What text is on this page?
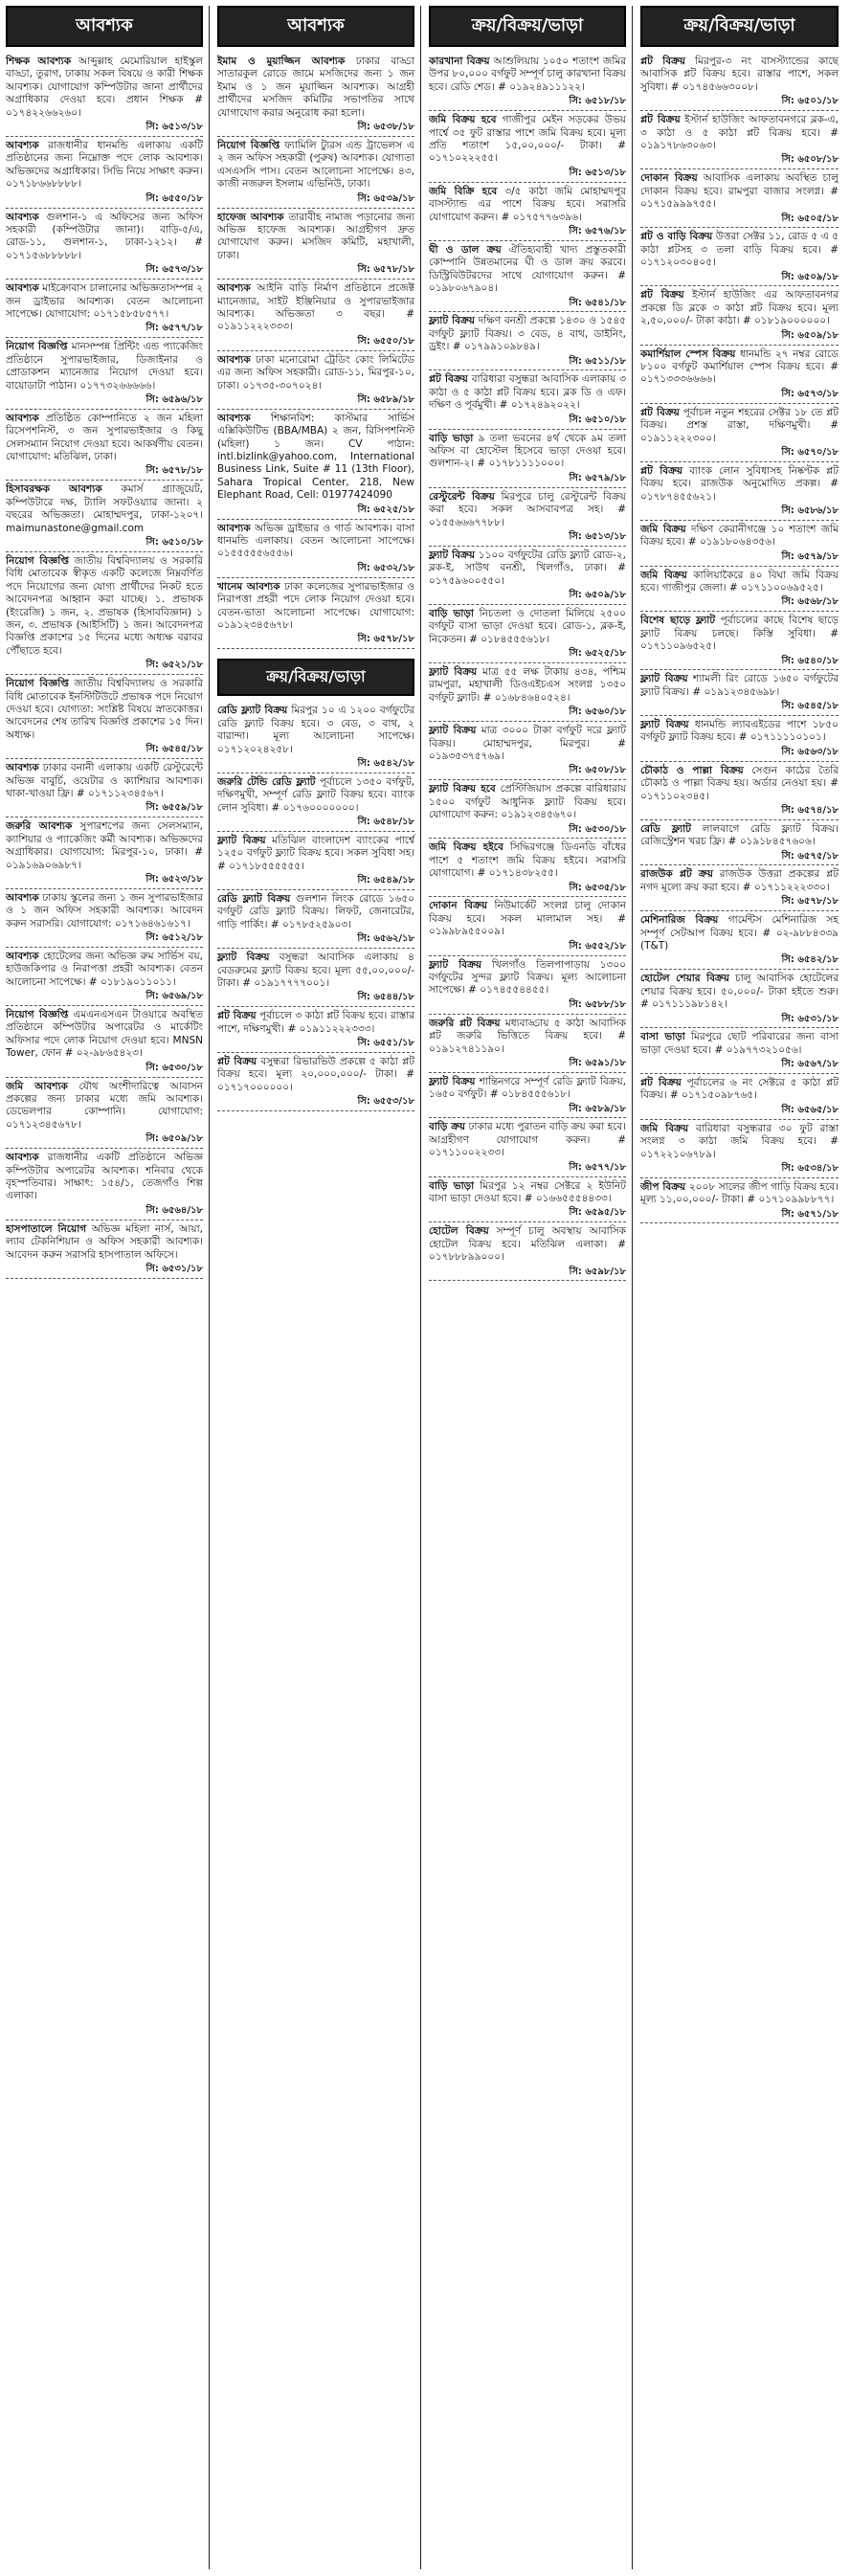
আবশ্যক
শিক্ষক আবশ্যক আব্দুল্লাহ মেমোরিয়াল হাইস্কুল বাড্ডা, তুরাগ, ঢাকায় সকল বিষয়ে ও কারী শিক্ষক আবশ্যক। যোগাযোগ কম্পিউটার জানা প্রার্থীদের অগ্রাধিকার দেওয়া হবে। প্রধান শিক্ষক # ০১৭৪২২৬৬২৬০।
সি: ৬৫১৩/১৮
আবশ্যক রাজধানীর ধানমন্ডি এলাকায় একটি প্রতিষ্ঠানের জন্য নিম্নোক্ত পদে লোক আবশ্যক। অভিজ্ঞদের অগ্রাধিকার। সিভি নিয়ে সাক্ষাৎ করুন। ০১৭১৮৬৬৮৮৮৮।
সি: ৬৫৫০/১৮
আবশ্যক গুলশান-১ এ অফিসের জন্য অফিস সহকারী (কম্পিউটার জানা)। বাড়ি-৫/এ, রোড-১১, গুলশান-১, ঢাকা-১২১২। # ০১৭১৫৬৮৮৮৮৮।
সি: ৬৫৭৩/১৮
আবশ্যক মাইক্রোবাস চালানোর অভিজ্ঞতাসম্পন্ন ২ জন ড্রাইভার আবশ্যক। বেতন আলোচনা সাপেক্ষে। যোগাযোগ: ০১৭১৫৮৫৮৫৭৭।
সি: ৬৫৭৭/১৮
নিয়োগ বিজ্ঞপ্তি মানসম্পন্ন প্রিন্টিং এন্ড প্যাকেজিং প্রতিষ্ঠানে সুপারভাইজার, ডিজাইনার ও প্রোডাকশন ম্যানেজার নিয়োগ দেওয়া হবে। বায়োডাটা পাঠান। ০১৭৭৩২৬৬৬৬৬।
সি: ৬৫৯৬/১৮
আবশ্যক প্রতিষ্ঠিত কোম্পানিতে ২ জন মহিলা রিসেপশনিস্ট, ৩ জন সুপারভাইজার ও কিছু সেলসম্যান নিয়োগ দেওয়া হবে। আকর্ষণীয় বেতন। যোগাযোগ: মতিঝিল, ঢাকা।
সি: ৬৫৭৮/১৮
হিসাবরক্ষক আবশ্যক কমার্স গ্র্যাজুয়েট, কম্পিউটারে দক্ষ, ট্যালি সফটওয়্যার জানা। ২ বছরের অভিজ্ঞতা। মোহাম্মদপুর, ঢাকা-১২০৭। maimunastone@gmail.com
সি: ৬৫১০/১৮
নিয়োগ বিজ্ঞপ্তি জাতীয় বিশ্ববিদ্যালয় ও সরকারি বিধি মোতাবেক স্বীকৃত একটি কলেজে নিম্নবর্ণিত পদে নিয়োগের জন্য যোগ্য প্রার্থীদের নিকট হতে আবেদনপত্র আহ্বান করা যাচ্ছে। ১. প্রভাষক (ইংরেজি) ১ জন, ২. প্রভাষক (হিসাববিজ্ঞান) ১ জন, ৩. প্রভাষক (আইসিটি) ১ জন। আবেদনপত্র বিজ্ঞপ্তি প্রকাশের ১৫ দিনের মধ্যে অধ্যক্ষ বরাবর পৌঁছাতে হবে।
সি: ৬৫২১/১৮
নিয়োগ বিজ্ঞপ্তি জাতীয় বিশ্ববিদ্যালয় ও সরকারি বিধি মোতাবেক ইনস্টিটিউটে প্রভাষক পদে নিয়োগ দেওয়া হবে। যোগ্যতা: সংশ্লিষ্ট বিষয়ে স্নাতকোত্তর। আবেদনের শেষ তারিখ বিজ্ঞপ্তি প্রকাশের ১৫ দিন। অধ্যক্ষ।
সি: ৬৫৪৫/১৮
আবশ্যক ঢাকার বনানী এলাকায় একটি রেস্টুরেন্টে অভিজ্ঞ বাবুর্চি, ওয়েটার ও ক্যাশিয়ার আবশ্যক। থাকা-খাওয়া ফ্রি। # ০১৭১১২৩৪৫৬৭।
সি: ৬৫৫৯/১৮
জরুরি আবশ্যক সুপারশপের জন্য সেলসম্যান, ক্যাশিয়ার ও প্যাকেজিং কর্মী আবশ্যক। অভিজ্ঞদের অগ্রাধিকার। যোগাযোগ: মিরপুর-১০, ঢাকা। # ০১৯১৬৯০৬৯৮৭।
সি: ৬৫২৩/১৮
আবশ্যক ঢাকায় স্কুলের জন্য ১ জন সুপারভাইজার ও ১ জন অফিস সহকারী আবশ্যক। আবেদন করুন সরাসরি। যোগাযোগ: ০১৭১৬৪৬১৬১৭।
সি: ৬৫১২/১৮
আবশ্যক হোটেলের জন্য অভিজ্ঞ রুম সার্ভিস বয়, হাউজকিপার ও নিরাপত্তা প্রহরী আবশ্যক। বেতন আলোচনা সাপেক্ষে। # ০১৮১৯০১১০১১।
সি: ৬৫৬৯/১৮
নিয়োগ বিজ্ঞপ্তি এমএনএসএন টাওয়ারে অবস্থিত প্রতিষ্ঠানে কম্পিউটার অপারেটর ও মার্কেটিং অফিসার পদে লোক নিয়োগ দেওয়া হবে। MNSN Tower, ফোন # ০২-৯৮৬৫৪২৩।
সি: ৬৫৩০/১৮
জমি আবশ্যক যৌথ অংশীদারিত্বে আবাসন প্রকল্পের জন্য ঢাকার মধ্যে জমি আবশ্যক। ডেভেলপার কোম্পানি। যোগাযোগ: ০১৭১২৩৪৫৬৭৮।
সি: ৬৫০৯/১৮
আবশ্যক রাজধানীর একটি প্রতিষ্ঠানে অভিজ্ঞ কম্পিউটার অপারেটর আবশ্যক। শনিবার থেকে বৃহস্পতিবার। সাক্ষাৎ: ১৫৪/১, তেজগাঁও শিল্প এলাকা।
সি: ৬৫৬৪/১৮
হাসপাতালে নিয়োগ অভিজ্ঞ মহিলা নার্স, আয়া, ল্যাব টেকনিশিয়ান ও অফিস সহকারী আবশ্যক। আবেদন করুন সরাসরি হাসপাতাল অফিসে।
সি: ৬৫৩১/১৮
আবশ্যক
ইমাম ও মুয়াজ্জিন আবশ্যক ঢাকার বাড্ডা সাতারকুল রোডে জামে মসজিদের জন্য ১ জন ইমাম ও ১ জন মুয়াজ্জিন আবশ্যক। আগ্রহী প্রার্থীদের মসজিদ কমিটির সভাপতির সাথে যোগাযোগ করার অনুরোধ করা হলো।
সি: ৬৫৩৮/১৮
নিয়োগ বিজ্ঞপ্তি ফ্যামিলি ট্যুরস এন্ড ট্রাভেলস এ ২ জন অফিস সহকারী (পুরুষ) আবশ্যক। যোগ্যতা এসএসসি পাস। বেতন আলোচনা সাপেক্ষে। ৪৩, কাজী নজরুল ইসলাম এভিনিউ, ঢাকা।
সি: ৬৫৩৯/১৮
হাফেজ আবশ্যক তারাবীহ নামাজ পড়ানোর জন্য অভিজ্ঞ হাফেজ আবশ্যক। আগ্রহীগণ দ্রুত যোগাযোগ করুন। মসজিদ কমিটি, মহাখালী, ঢাকা।
সি: ৬৫৭৮/১৮
আবশ্যক আইনি বাড়ি নির্মাণ প্রতিষ্ঠানে প্রজেক্ট ম্যানেজার, সাইট ইঞ্জিনিয়ার ও সুপারভাইজার আবশ্যক। অভিজ্ঞতা ৩ বছর। # ০১৯১১২২২৩৩৩।
সি: ৬৫৫০/১৮
আবশ্যক ঢাকা মনোরোমা ট্রেডিং কোং লিমিটেড এর জন্য অফিস সহকারী। রোড-১১, মিরপুর-১০, ঢাকা। ০১৭৩৫-৩০৭০২৪।
সি: ৬৫৮৯/১৮
আবশ্যক শিক্ষানবিশ: কাস্টমার সার্ভিস এক্সিকিউটিভ (BBA/MBA) ২ জন, রিসিপশনিস্ট (মহিলা) ১ জন। CV পাঠান: intl.bizlink@yahoo.com, International Business Link, Suite # 11 (13th Floor), Sahara Tropical Center, 218, New Elephant Road, Cell: 01977424090
সি: ৬৫২৫/১৮
আবশ্যক অভিজ্ঞ ড্রাইভার ও গার্ড আবশ্যক। বাসা ধানমন্ডি এলাকায়। বেতন আলোচনা সাপেক্ষে। ০১৫৫৫৫৫৬৫৫৬।
সি: ৬৫৩২/১৮
খানেম আবশ্যক ঢাকা কলেজের সুপারভাইজার ও নিরাপত্তা প্রহরী পদে লোক নিয়োগ দেওয়া হবে। বেতন-ভাতা আলোচনা সাপেক্ষে। যোগাযোগ: ০১৯১২৩৪৫৬৭৮।
সি: ৬৫৭৮/১৮
ক্রয়/বিক্রয়/ভাড়া
রেডি ফ্ল্যাট বিক্রয় মিরপুর ১০ এ ১২০০ বর্গফুটের রেডি ফ্ল্যাট বিক্রয় হবে। ৩ বেড, ৩ বাথ, ২ বারান্দা। মূল্য আলোচনা সাপেক্ষে। ০১৭১২০২৪২৫৮।
সি: ৬৫৪২/১৮
জরুরি টেন্ডি রেডি ফ্ল্যাট পূর্বাচলে ১৩৫০ বর্গফুট, দক্ষিণমুখী, সম্পূর্ণ রেডি ফ্ল্যাট বিক্রয় হবে। ব্যাংক লোন সুবিধা। # ০১৭৬০০০০০০০।
সি: ৬৫৪৮/১৮
ফ্ল্যাট বিক্রয় মতিঝিল বাংলাদেশ ব্যাংকের পার্শ্বে ১২৫০ বর্গফুট ফ্ল্যাট বিক্রয় হবে। সকল সুবিধা সহ। # ০১৭১৮৫৫৫৫৫৫।
সি: ৬৫৪৯/১৮
রেডি ফ্ল্যাট বিক্রয় গুলশান লিংক রোডে ১৬৫০ বর্গফুট রেডি ফ্ল্যাট বিক্রয়। লিফট, জেনারেটর, গাড়ি পার্কিং। # ০১৭৮৫২৫৯০৩।
সি: ৬৫৬২/১৮
ফ্ল্যাট বিক্রয় বসুন্ধরা আবাসিক এলাকায় ৪ বেডরুমের ফ্ল্যাট বিক্রয় হবে। মূল্য ৫৫,০০,০০০/- টাকা। # ০১৯১৭৭৭৭০০১।
সি: ৬৫৪৪/১৮
প্লট বিক্রয় পূর্বাচলে ৩ কাঠা প্লট বিক্রয় হবে। রাস্তার পাশে, দক্ষিণমুখী। # ০১৯১১২২২৩৩৩।
সি: ৬৫৫১/১৮
প্লট বিক্রয় বসুন্ধরা রিভারভিউ প্রকল্পে ৫ কাঠা প্লট বিক্রয় হবে। মূল্য ২০,০০০,০০০/- টাকা। # ০১৭১৭০০০০০০।
সি: ৬৫৫৩/১৮
ক্রয়/বিক্রয়/ভাড়া
কারখানা বিক্রয় আশুলিয়ায় ১০৫০ শতাংশ জমির উপর ৮০,০০০ বর্গফুট সম্পূর্ণ চালু কারখানা বিক্রয় হবে। রেডি শেড। # ০১৯২৪৯১১১২২।
সি: ৬৫১৮/১৮
জমি বিক্রয় হবে গাজীপুর মেইন সড়কের উভয় পার্শ্বে ৩৫ ফুট রাস্তার পাশে জমি বিক্রয় হবে। মূল্য প্রতি শতাংশ ১৫,০০,০০০/- টাকা। # ০১৭১০২২২৫৫।
সি: ৬৫১৩/১৮
জমি বিক্রি হবে ৩/৫ কাঠা জমি মোহাম্মদপুর বাসস্ট্যান্ড এর পাশে বিক্রয় হবে। সরাসরি যোগাযোগ করুন। # ০১৭৫৭৭৬৩৯৬।
সি: ৬৫৭৬/১৮
ঘী ও ডাল ক্রয় ঐতিহ্যবাহী খাদ্য প্রস্তুতকারী কোম্পানি উন্নতমানের ঘী ও ডাল ক্রয় করবে। ডিস্ট্রিবিউটরদের সাথে যোগাযোগ করুন। # ০১৯৮০৬৭৯০৪।
সি: ৬৫৪১/১৮
ফ্ল্যাট বিক্রয় দক্ষিণ বনশ্রী প্রকল্পে ১৪৩০ ও ১৫৪৫ বর্গফুট ফ্ল্যাট বিক্রয়। ৩ বেড, ৪ বাথ, ডাইনিং, ড্রইং। # ০১৭৯৯১০৯৮৪৯।
সি: ৬৫১১/১৮
প্লট বিক্রয় বারিধারা বসুন্ধরা আবাসিক এলাকায় ৩ কাঠা ও ৫ কাঠা প্লট বিক্রয় হবে। ব্লক ডি ও এফ। দক্ষিণ ও পূর্বমুখী। # ০১৭২৪৯২০২২।
সি: ৬৫১০/১৮
বাড়ি ভাড়া ৯ তলা ভবনের ৪র্থ থেকে ৯ম তলা অফিস বা হোস্টেল হিসেবে ভাড়া দেওয়া হবে। গুলশান-২। # ০১৭৮১১১১০০০।
সি: ৬৫৭৯/১৮
রেস্টুরেন্ট বিক্রয় মিরপুরে চালু রেস্টুরেন্ট বিক্রয় করা হবে। সকল আসবাবপত্র সহ। # ০১৫৫৬৬৬৭৭৮৮।
সি: ৬৫১৩/১৮
ফ্ল্যাট বিক্রয় ১১০০ বর্গফুটের রেডি ফ্ল্যাট রোড-২, ব্লক-ই, সাউথ বনশ্রী, খিলগাঁও, ঢাকা। # ০১৭৫৯৬০০৫৫০।
সি: ৬৫০৯/১৮
বাড়ি ভাড়া নিচতলা ও দোতলা মিলিয়ে ২৫০০ বর্গফুট বাসা ভাড়া দেওয়া হবে। রোড-১, ব্লক-ই, নিকেতন। # ০১৮৪৫৫৫৬১৮।
সি: ৬৫২৫/১৮
ফ্ল্যাট বিক্রয় মাত্র ৫৫ লক্ষ টাকায় ৪৩৪, পশ্চিম রামপুরা, মহাখালী ডিওএইচএস সংলগ্ন ১৩৫০ বর্গফুট ফ্ল্যাট। # ০১৬৮৪৬৪০৫২৪।
সি: ৬৫৬০/১৮
ফ্ল্যাট বিক্রয় মাত্র ৩০০০ টাকা বর্গফুট দরে ফ্ল্যাট বিক্রয়। মোহাম্মদপুর, মিরপুর। # ০১৯৩৫৩৭৫৭৬৯।
সি: ৬৫০৮/১৮
ফ্ল্যাট বিক্রয় হবে প্রেস্টিজিয়াস প্রকল্পে বারিধারায় ১৫০০ বর্গফুট আধুনিক ফ্ল্যাট বিক্রয় হবে। যোগাযোগ করুন: ০১৯১২৩৪৫৬৭০।
সি: ৬৫৩০/১৮
জমি বিক্রয় হইবে সিদ্ধিরগঞ্জে ডিএনডি বাঁধের পাশে ৫ শতাংশ জমি বিক্রয় হইবে। সরাসরি যোগাযোগ। # ০১৭১৪৩৮২৫৫।
সি: ৬৫৩৫/১৮
দোকান বিক্রয় নিউমার্কেট সংলগ্ন চালু দোকান বিক্রয় হবে। সকল মালামাল সহ। # ০১৯৯৮৯৫৫০০৯।
সি: ৬৫৫২/১৮
ফ্ল্যাট বিক্রয় খিলগাঁও তিলপাপাড়ায় ১৩০০ বর্গফুটের সুন্দর ফ্ল্যাট বিক্রয়। মূল্য আলোচনা সাপেক্ষে। # ০১৭৪৫৫৪৪৫৫।
সি: ৬৫৮৮/১৮
জরুরি প্লট বিক্রয় মধ্যবাড্ডায় ৫ কাঠা আবাসিক প্লট জরুরি ভিত্তিতে বিক্রয় হবে। # ০১৯১২৭৪১১৯০।
সি: ৬৫৯১/১৮
ফ্ল্যাট বিক্রয় শান্তিনগরে সম্পূর্ণ রেডি ফ্ল্যাট বিক্রয়, ১৬৫০ বর্গফুট। # ০১৮৪৫৫৫৬১৮।
সি: ৬৫৮৯/১৮
বাড়ি ক্রয় ঢাকার মধ্যে পুরাতন বাড়ি ক্রয় করা হবে। আগ্রহীগণ যোগাযোগ করুন। # ০১৭১১০০২২৩৩।
সি: ৬৫৭৭/১৮
বাড়ি ভাড়া মিরপুর ১২ নম্বর সেক্টরে ২ ইউনিট বাসা ভাড়া দেওয়া হবে। # ০১৬৬৫৫৫৪৪৩৩।
সি: ৬৫৯৫/১৮
হোটেল বিক্রয় সম্পূর্ণ চালু অবস্থায় আবাসিক হোটেল বিক্রয় হবে। মতিঝিল এলাকা। # ০১৭৮৮৮৯৯০০০।
সি: ৬৫৯৮/১৮
ক্রয়/বিক্রয়/ভাড়া
প্লট বিক্রয় মিরপুর-৩ নং বাসস্ট্যান্ডের কাছে আবাসিক প্লট বিক্রয় হবে। রাস্তার পাশে, সকল সুবিধা। # ০১৭৪৫৬৬৩০০৮।
সি: ৬৫০১/১৮
প্লট বিক্রয় ইস্টার্ন হাউজিং আফতাবনগরে ব্লক-এ, ৩ কাঠা ও ৫ কাঠা প্লট বিক্রয় হবে। # ০১৯১৭৮৬৩০৬৩।
সি: ৬৫০৮/১৮
দোকান বিক্রয় আবাসিক এলাকায় অবস্থিত চালু দোকান বিক্রয় হবে। রামপুরা বাজার সংলগ্ন। # ০১৭১৫৯৯৯৭৫৫।
সি: ৬৫০৫/১৮
প্লট ও বাড়ি বিক্রয় উত্তরা সেক্টর ১১, রোড ৫ এ ৫ কাঠা প্লটসহ ৩ তলা বাড়ি বিক্রয় হবে। # ০১৭১২০৩০৪০৫।
সি: ৬৫০৯/১৮
প্লট বিক্রয় ইস্টার্ন হাউজিং এর আফতাবনগর প্রকল্পে ডি ব্লকে ৩ কাঠা প্লট বিক্রয় হবে। মূল্য ২,৫০,০০০/- টাকা কাঠা। # ০১৮১৯০০০০০০।
সি: ৬৫০৯/১৮
কমার্শিয়াল স্পেস বিক্রয় ধানমন্ডি ২৭ নম্বর রোডে ৮১০০ বর্গফুট কমার্শিয়াল স্পেস বিক্রয় হবে। # ০১৭১৩৩৩৬৬৬৬।
সি: ৬৫৭৩/১৮
প্লট বিক্রয় পূর্বাচল নতুন শহরের সেক্টর ১৮ তে প্লট বিক্রয়। প্রশস্ত রাস্তা, দক্ষিণমুখী। # ০১৯১১২২২৩০০।
সি: ৬৫৭০/১৮
প্লট বিক্রয় ব্যাংক লোন সুবিধাসহ নিষ্কণ্টক প্লট বিক্রয় হবে। রাজউক অনুমোদিত প্রকল্প। # ০১৭৮৭৪৫৫৬২১।
সি: ৬৫৮৬/১৮
জমি বিক্রয় দক্ষিণ কেরানীগঞ্জে ১০ শতাংশ জমি বিক্রয় হবে। # ০১৯১৮০৬৪৩৫৬।
সি: ৬৫৭৯/১৮
জমি বিক্রয় কালিয়াকৈরে ৪০ বিঘা জমি বিক্রয় হবে। গাজীপুর জেলা। # ০১৭১১০০৬৯৫২৫।
সি: ৬৫৬৮/১৮
বিশেষ ছাড়ে ফ্ল্যাট পূর্বাচলের কাছে বিশেষ ছাড়ে ফ্ল্যাট বিক্রয় চলছে। কিস্তি সুবিধা। # ০১৭১১০৯৬৫২৫।
সি: ৬৫৪০/১৮
ফ্ল্যাট বিক্রয় শ্যামলী রিং রোডে ১৬৫০ বর্গফুটের ফ্ল্যাট বিক্রয়। # ০১৯১২৩৪৫৬৯৮।
সি: ৬৫৪৫/১৮
ফ্ল্যাট বিক্রয় ধানমন্ডি ল্যাবএইডের পাশে ১৮৫০ বর্গফুট ফ্ল্যাট বিক্রয় হবে। # ০১৭১১১১০১০১।
সি: ৬৫৬৩/১৮
চৌকাঠ ও পাল্লা বিক্রয় সেগুন কাঠের তৈরি চৌকাঠ ও পাল্লা বিক্রয় হয়। অর্ডার নেওয়া হয়। # ০১৭১১০২৩৪৫।
সি: ৬৫৭৪/১৮
রেডি ফ্ল্যাট লালবাগে রেডি ফ্ল্যাট বিক্রয়। রেজিস্ট্রেশন খরচ ফ্রি। # ০১৯১৮৪৫৭৬০৬।
সি: ৬৫৭৫/১৮
রাজউক প্লট ক্রয় রাজউক উত্তরা প্রকল্পের প্লট নগদ মূল্যে ক্রয় করা হবে। # ০১৭১১২২২৩৩০।
সি: ৬৫৭৮/১৮
মেশিনারিজ বিক্রয় গার্মেন্টস মেশিনারিজ সহ সম্পূর্ণ সেটআপ বিক্রয় হবে। # ০২-৯৮৮৪৩৩৯ (T&T)
সি: ৬৫৪২/১৮
হোটেল শেয়ার বিক্রয় চালু আবাসিক হোটেলের শেয়ার বিক্রয় হবে। ৫০,০০০/- টাকা হইতে শুরু। # ০১৭১১১৯৮১৪২।
সি: ৬৫৩১/১৮
বাসা ভাড়া মিরপুরে ছোট পরিবারের জন্য বাসা ভাড়া দেওয়া হবে। # ০১৯৭৭৩২১০৫৬।
সি: ৬৫৬৭/১৮
প্লট বিক্রয় পূর্বাচলের ৬ নং সেক্টরে ৫ কাঠা প্লট বিক্রয়। # ০১৭১৫০৯৮৭৬৫।
সি: ৬৫৬৫/১৮
জমি বিক্রয় বারিধারা বসুন্ধরার ৩০ ফুট রাস্তা সংলগ্ন ৩ কাঠা জমি বিক্রয় হবে। # ০১৭২২১০৬৭৮৯।
সি: ৬৫৩৪/১৮
জীপ বিক্রয় ২০০৮ সালের জীপ গাড়ি বিক্রয় হবে। মূল্য ১১,০০,০০০/- টাকা। # ০১৭১০৯৯৮৮৭৭।
সি: ৬৫৭১/১৮
